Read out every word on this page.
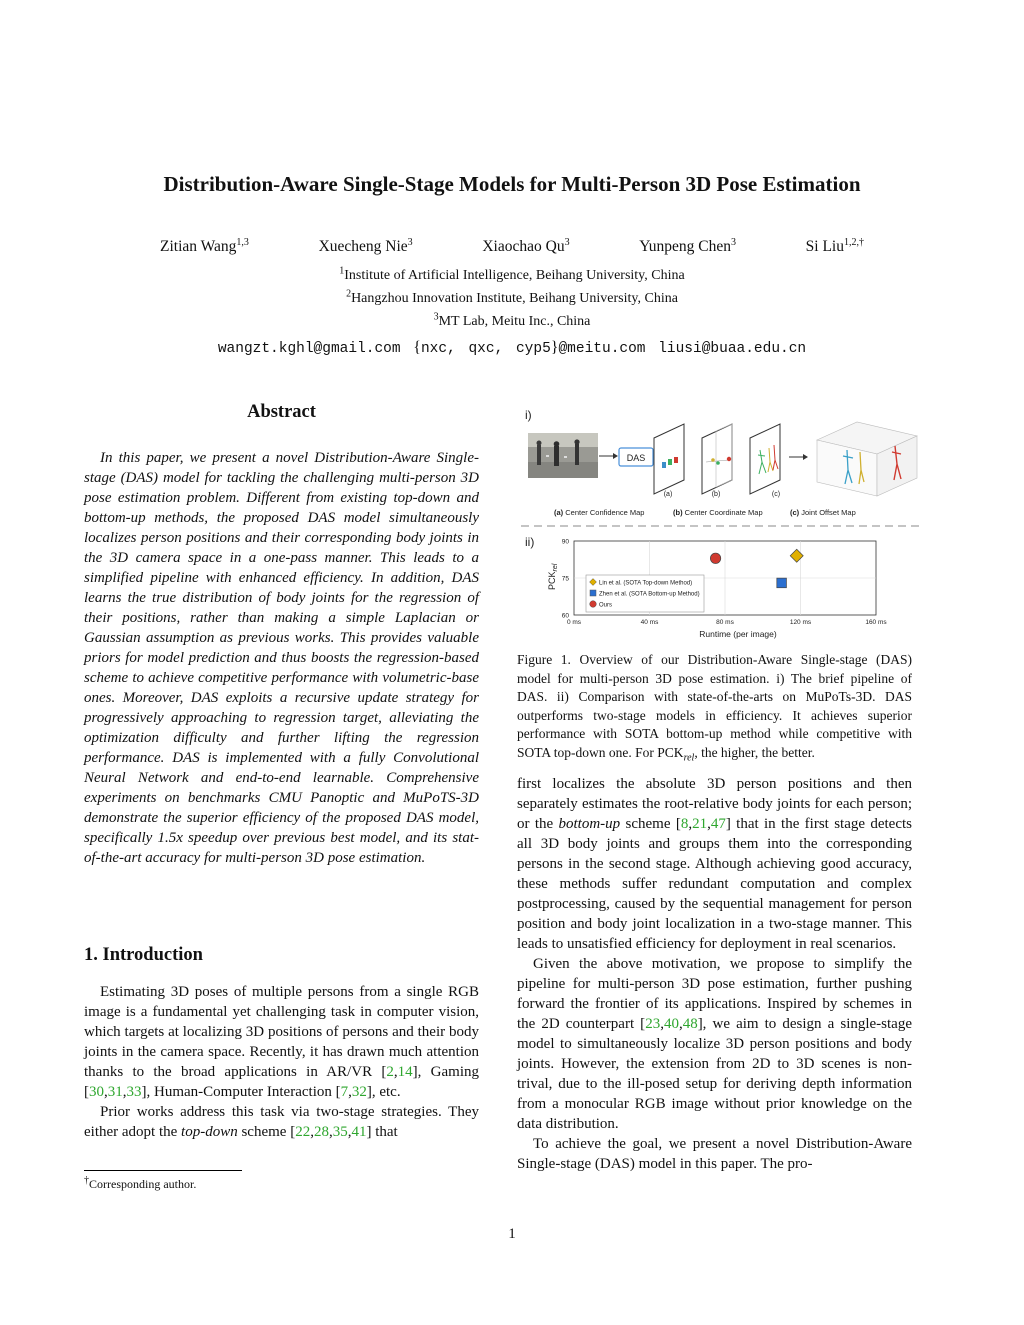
Distribution-Aware Single-Stage Models for Multi-Person 3D Pose Estimation
Zitian Wang$^{1,3}$	Xuecheng Nie$^3$	Xiaochao Qu$^3$	Yunpeng Chen$^3$	Si Liu$^{1,2,\dagger}$
$^1$Institute of Artificial Intelligence, Beihang University, China
$^2$Hangzhou Innovation Institute, Beihang University, China
$^3$MT Lab, Meitu Inc., China
wangzt.kghl@gmail.com {nxc, qxc, cyp5}@meitu.com liusi@buaa.edu.cn
Abstract

In this paper, we present a novel Distribution-Aware Single-stage (DAS) model for tackling the challenging multi-person 3D pose estimation problem. Different from existing top-down and bottom-up methods, the proposed DAS model simultaneously localizes person positions and their corresponding body joints in the 3D camera space in a one-pass manner. This leads to a simplified pipeline with enhanced efficiency. In addition, DAS learns the true distribution of body joints for the regression of their positions, rather than making a simple Laplacian or Gaussian assumption as previous works. This provides valuable priors for model prediction and thus boosts the regression-based scheme to achieve competitive performance with volumetric-base ones. Moreover, DAS exploits a recursive update strategy for progressively approaching to regression target, alleviating the optimization difficulty and further lifting the regression performance. DAS is implemented with a fully Convolutional Neural Network and end-to-end learnable. Comprehensive experiments on benchmarks CMU Panoptic and MuPoTS-3D demonstrate the superior efficiency of the proposed DAS model, specifically 1.5x speedup over previous best model, and its stat-of-the-art accuracy for multi-person 3D pose estimation.

1. Introduction

Estimating 3D poses of multiple persons from a single RGB image is a fundamental yet challenging task in computer vision, which targets at localizing 3D positions of persons and their body joints in the camera space. Recently, it has drawn much attention thanks to the broad applications in AR/VR [2,14], Gaming [30,31,33], Human-Computer Interaction [7,32], etc.

Prior works address this task via two-stage strategies. They either adopt the top-down scheme [22,28,35,41] that

†Corresponding author.
i)
DAS
(a)	(b)	(c)
(a) Center Confidence Map	(b) Center Coordinate Map	(c) Joint Offset Map
ii)
0 ms	40 ms	80 ms	120 ms	160 ms
60
75
90
$PCK_{rel}$
Runtime (per image)
Lin et al. (SOTA Top-down Method)
Zhen et al. (SOTA Bottom-up Method)
Ours
Figure 1. Overview of our Distribution-Aware Single-stage (DAS) model for multi-person 3D pose estimation. i) The brief pipeline of DAS. ii) Comparison with state-of-the-arts on MuPoTs-3D. DAS outperforms two-stage models in efficiency. It achieves superior performance with SOTA bottom-up method while competitive with SOTA top-down one. For $PCK_{rel}$, the higher, the better.

first localizes the absolute 3D person positions and then separately estimates the root-relative body joints for each person; or the bottom-up scheme [8,21,47] that in the first stage detects all 3D body joints and groups them into the corresponding persons in the second stage. Although achieving good accuracy, these methods suffer redundant computation and complex postprocessing, caused by the sequential management for person position and body joint localization in a two-stage manner. This leads to unsatisfied efficiency for deployment in real scenarios.

Given the above motivation, we propose to simplify the pipeline for multi-person 3D pose estimation, further pushing forward the frontier of its applications. Inspired by schemes in the 2D counterpart [23,40,48], we aim to design a single-stage model to simultaneously localize 3D person positions and body joints. However, the extension from 2D to 3D scenes is non-trival, due to the ill-posed setup for deriving depth information from a monocular RGB image without prior knowledge on the data distribution.

To achieve the goal, we present a novel Distribution-Aware Single-stage (DAS) model in this paper. The pro-

1
